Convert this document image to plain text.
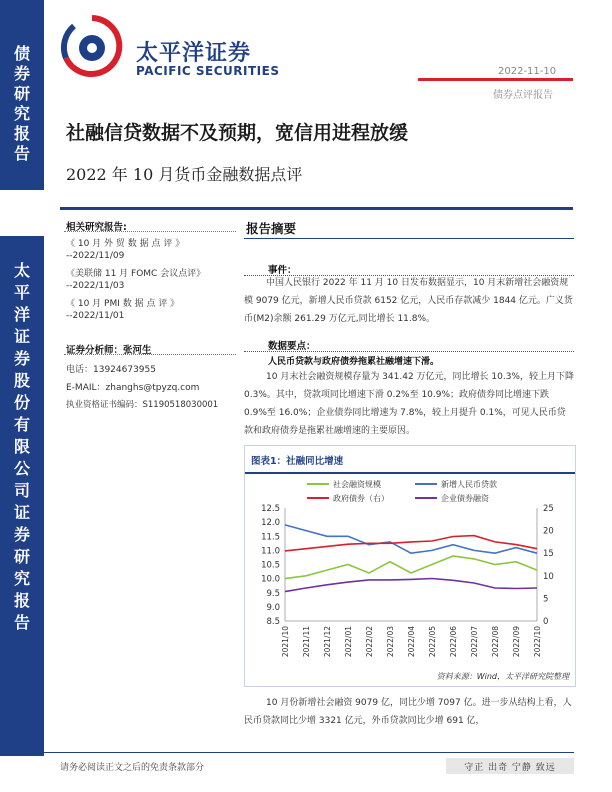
债
券
研
究
报
告
太
平
洋
证
券
股
份
有
限
公
司
证
券
研
究
报
告
太平洋证券
PACIFIC SECURITIES	2022-11-10
债券点评报告
社融信贷数据不及预期，宽信用进程放缓
2022 年 10 月货币金融数据点评
相关研究报告:
《 10 月 外 贸 数 据 点 评 》
--2022/11/09
《美联储 11 月 FOMC 会议点评》
--2022/11/03
《 10 月 PMI 数 据 点 评 》
--2022/11/01
证券分析师：张河生
电话：13924673955
E-MAIL：zhanghs@tpyzq.com
执业资格证书编码：S1190518030001
报告摘要
事件：
中国人民银行 2022 年 11 月 10 日发布数据显示，10 月末新增社会融资规模 9079 亿元，新增人民币贷款 6152 亿元，人民币存款减少 1844 亿元。广义货币(M2)余额 261.29 万亿元,同比增长 11.8%。
数据要点：
人民币贷款与政府债券拖累社融增速下滑。
10 月末社会融资规模存量为 341.42 万亿元，同比增长 10.3%，较上月下降 0.3%。其中，贷款项同比增速下滑 0.2%至 10.9%；政府债券同比增速下跌 0.9%至 16.0%；企业债券同比增速为 7.8%，较上月提升 0.1%，可见人民币贷款和政府债券是拖累社融增速的主要原因。
图表1：社融同比增速
8.5
9.0
9.5
10.0
10.5
11.0
11.5
12.0
12.5
0
5
10
15
20
25
2021/10 2021/11 2021/12 2022/01 2022/02 2022/03 2022/04 2022/05 2022/06 2022/07 2022/08 2022/09 2022/10
社会融资规模	新增人民币贷款
政府债券（右）	企业债券融资
资料来源：Wind，太平洋研究院整理
10 月份新增社会融资 9079 亿，同比少增 7097 亿。进一步从结构上看，人民币贷款同比少增 3321 亿元，外币贷款同比少增 691 亿，
请务必阅读正文之后的免责条款部分	守正 出奇 宁静 致远
